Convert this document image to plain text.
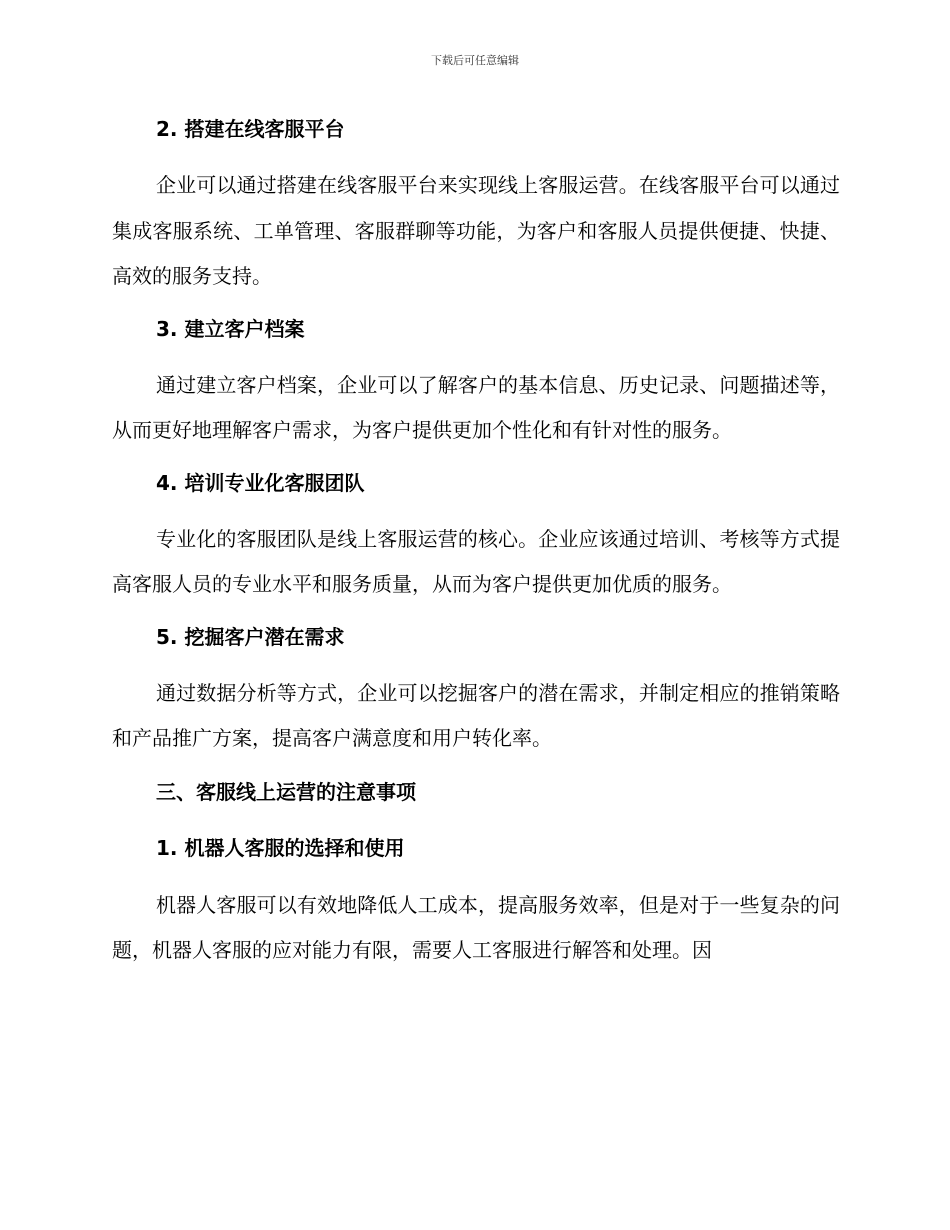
下载后可任意编辑

2. 搭建在线客服平台

企业可以通过搭建在线客服平台来实现线上客服运营。在线客服平台可以通过集成客服系统、工单管理、客服群聊等功能，为客户和客服人员提供便捷、快捷、高效的服务支持。

3. 建立客户档案

通过建立客户档案，企业可以了解客户的基本信息、历史记录、问题描述等，从而更好地理解客户需求，为客户提供更加个性化和有针对性的服务。

4. 培训专业化客服团队

专业化的客服团队是线上客服运营的核心。企业应该通过培训、考核等方式提高客服人员的专业水平和服务质量，从而为客户提供更加优质的服务。

5. 挖掘客户潜在需求

通过数据分析等方式，企业可以挖掘客户的潜在需求，并制定相应的推销策略和产品推广方案，提高客户满意度和用户转化率。

三、客服线上运营的注意事项

1. 机器人客服的选择和使用

机器人客服可以有效地降低人工成本，提高服务效率，但是对于一些复杂的问题，机器人客服的应对能力有限，需要人工客服进行解答和处理。因
